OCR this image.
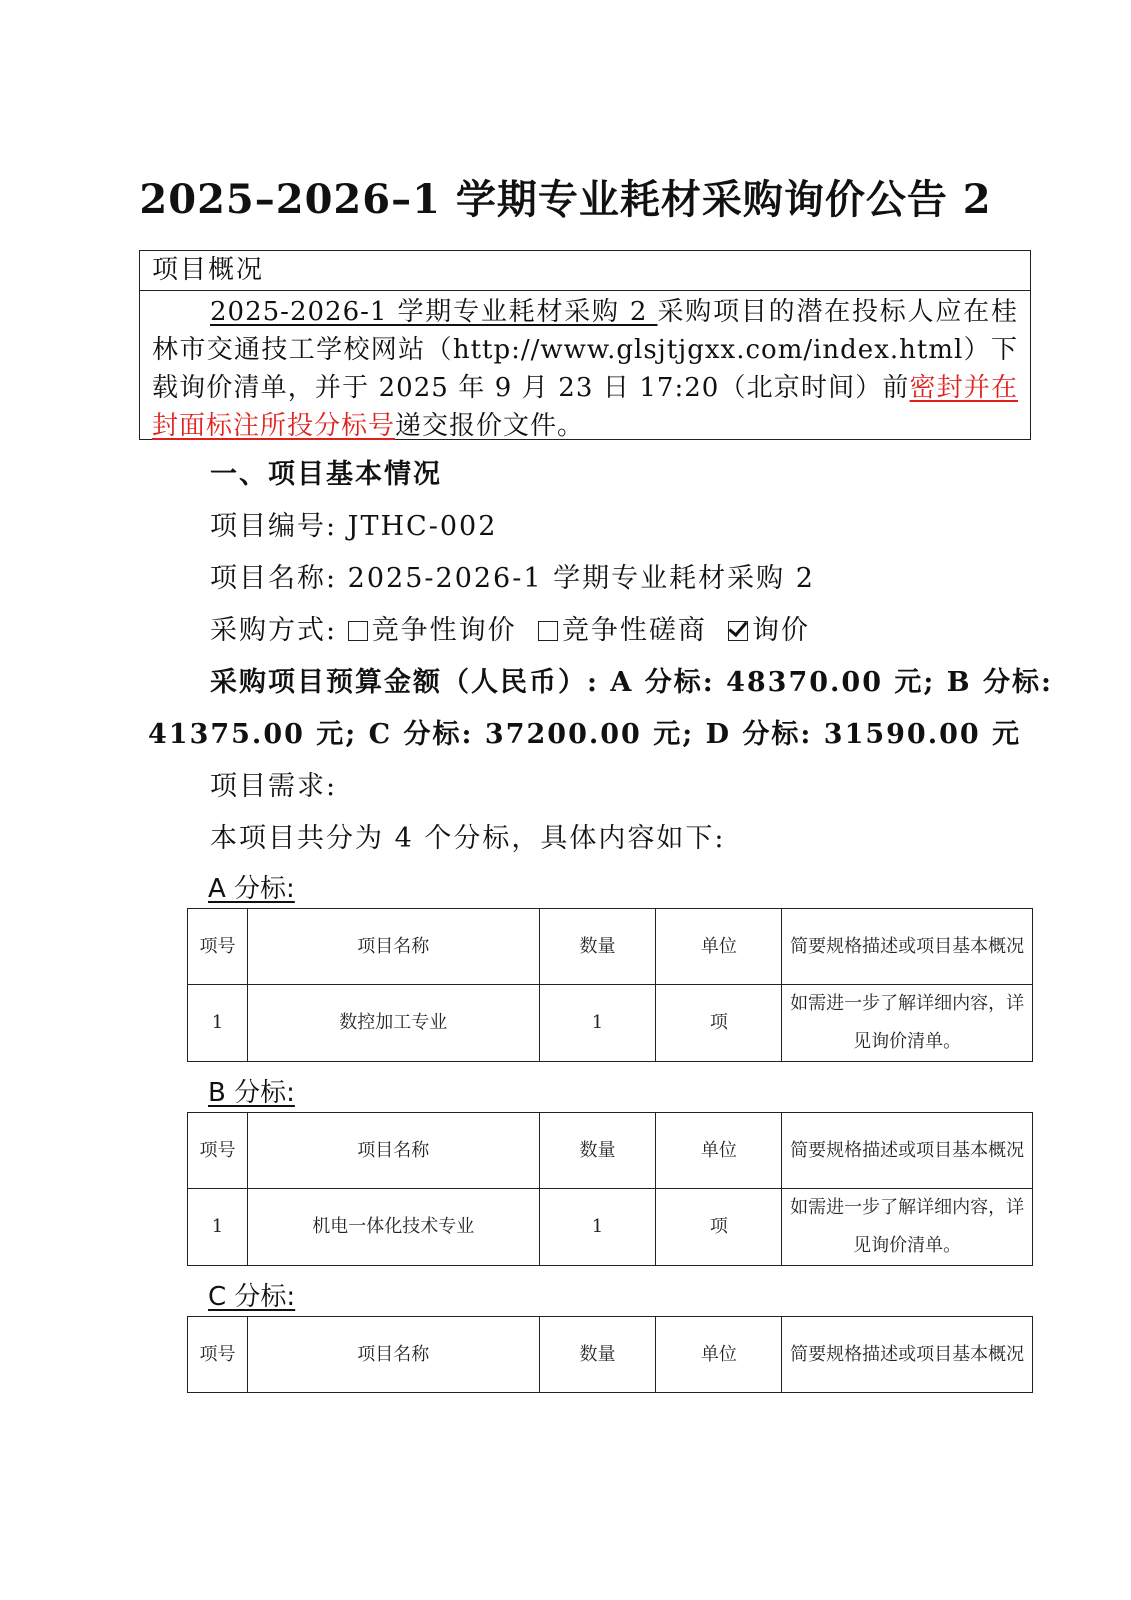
2025–2026–1 学期专业耗材采购询价公告 2
项目概况
2025-2026-1 学期专业耗材采购 2 采购项目的潜在投标人应在桂林市交通技工学校网站（http://www.glsjtjgxx.com/index.html）下载询价清单，并于 2025 年 9 月 23 日 17:20（北京时间）前密封并在封面标注所投分标号递交报价文件。
一、项目基本情况
项目编号: JTHC-002
项目名称: 2025-2026-1 学期专业耗材采购 2
采购方式: 竞争性询价 竞争性磋商 询价
采购项目预算金额（人民币）: A 分标: 48370.00 元; B 分标:
41375.00 元; C 分标: 37200.00 元; D 分标: 31590.00 元
项目需求:
本项目共分为 4 个分标，具体内容如下:
A 分标:
项号	项目名称	数量	单位	简要规格描述或项目基本概况
1	数控加工专业	1	项	如需进一步了解详细内容，详见询价清单。
B 分标:
项号	项目名称	数量	单位	简要规格描述或项目基本概况
1	机电一体化技术专业	1	项	如需进一步了解详细内容，详见询价清单。
C 分标:
项号	项目名称	数量	单位	简要规格描述或项目基本概况
